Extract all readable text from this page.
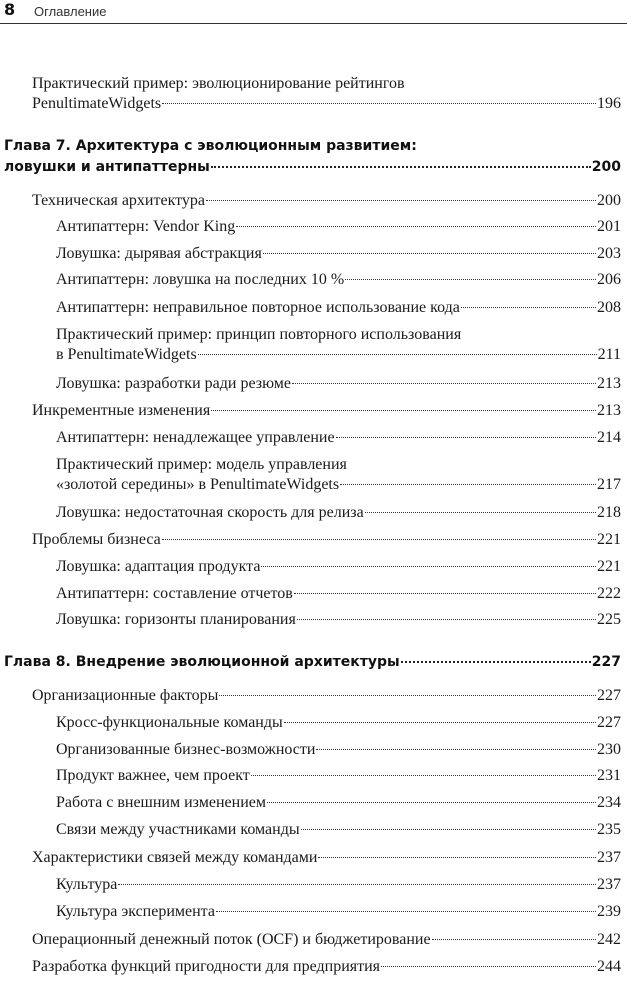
8 Оглавление
Практический пример: эволюционирование рейтингов
PenultimateWidgets	196
Глава 7. Архитектура с эволюционным развитием:
ловушки и антипаттерны	200
Техническая архитектура	200
Антипаттерн: Vendor King	201
Ловушка: дырявая абстракция	203
Антипаттерн: ловушка на последних 10 %	206
Антипаттерн: неправильное повторное использование кода	208
Практический пример: принцип повторного использования
в PenultimateWidgets	211
Ловушка: разработки ради резюме	213
Инкрементные изменения	213
Антипаттерн: ненадлежащее управление	214
Практический пример: модель управления
«золотой середины» в PenultimateWidgets	217
Ловушка: недостаточная скорость для релиза	218
Проблемы бизнеса	221
Ловушка: адаптация продукта	221
Антипаттерн: составление отчетов	222
Ловушка: горизонты планирования	225
Глава 8. Внедрение эволюционной архитектуры	227
Организационные факторы	227
Кросс-функциональные команды	227
Организованные бизнес-возможности	230
Продукт важнее, чем проект	231
Работа с внешним изменением	234
Связи между участниками команды	235
Характеристики связей между командами	237
Культура	237
Культура эксперимента	239
Операционный денежный поток (OCF) и бюджетирование	242
Разработка функций пригодности для предприятия	244
